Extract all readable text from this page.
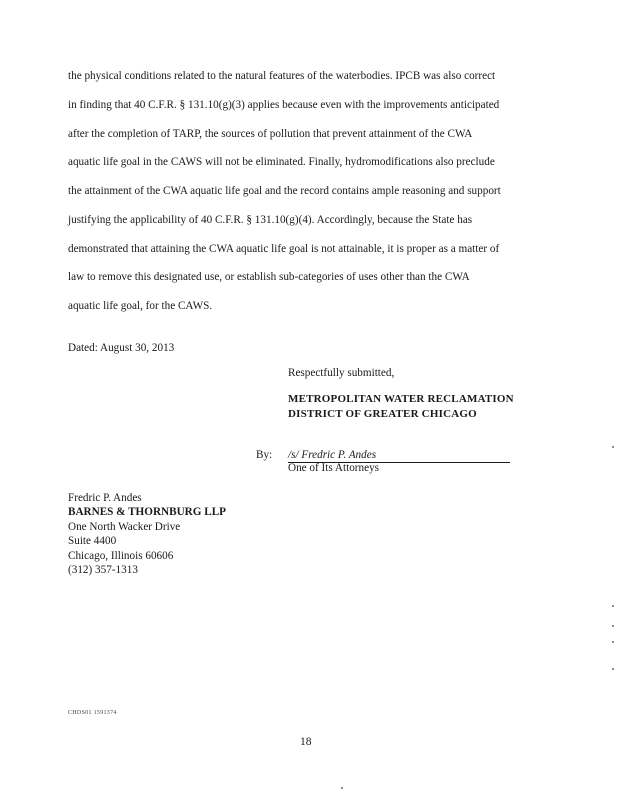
the physical conditions related to the natural features of the waterbodies. IPCB was also correct
in finding that 40 C.F.R. § 131.10(g)(3) applies because even with the improvements anticipated
after the completion of TARP, the sources of pollution that prevent attainment of the CWA
aquatic life goal in the CAWS will not be eliminated. Finally, hydromodifications also preclude
the attainment of the CWA aquatic life goal and the record contains ample reasoning and support
justifying the applicability of 40 C.F.R. § 131.10(g)(4). Accordingly, because the State has
demonstrated that attaining the CWA aquatic life goal is not attainable, it is proper as a matter of
law to remove this designated use, or establish sub-categories of uses other than the CWA
aquatic life goal, for the CAWS.

Dated: August 30, 2013

Respectfully submitted,

METROPOLITAN WATER RECLAMATION
DISTRICT OF GREATER CHICAGO

By: /s/ Fredric P. Andes

One of Its Attorneys

Fredric P. Andes
BARNES & THORNBURG LLP
One North Wacker Drive
Suite 4400
Chicago, Illinois 60606
(312) 357-1313

CHDS01 1591374

18
